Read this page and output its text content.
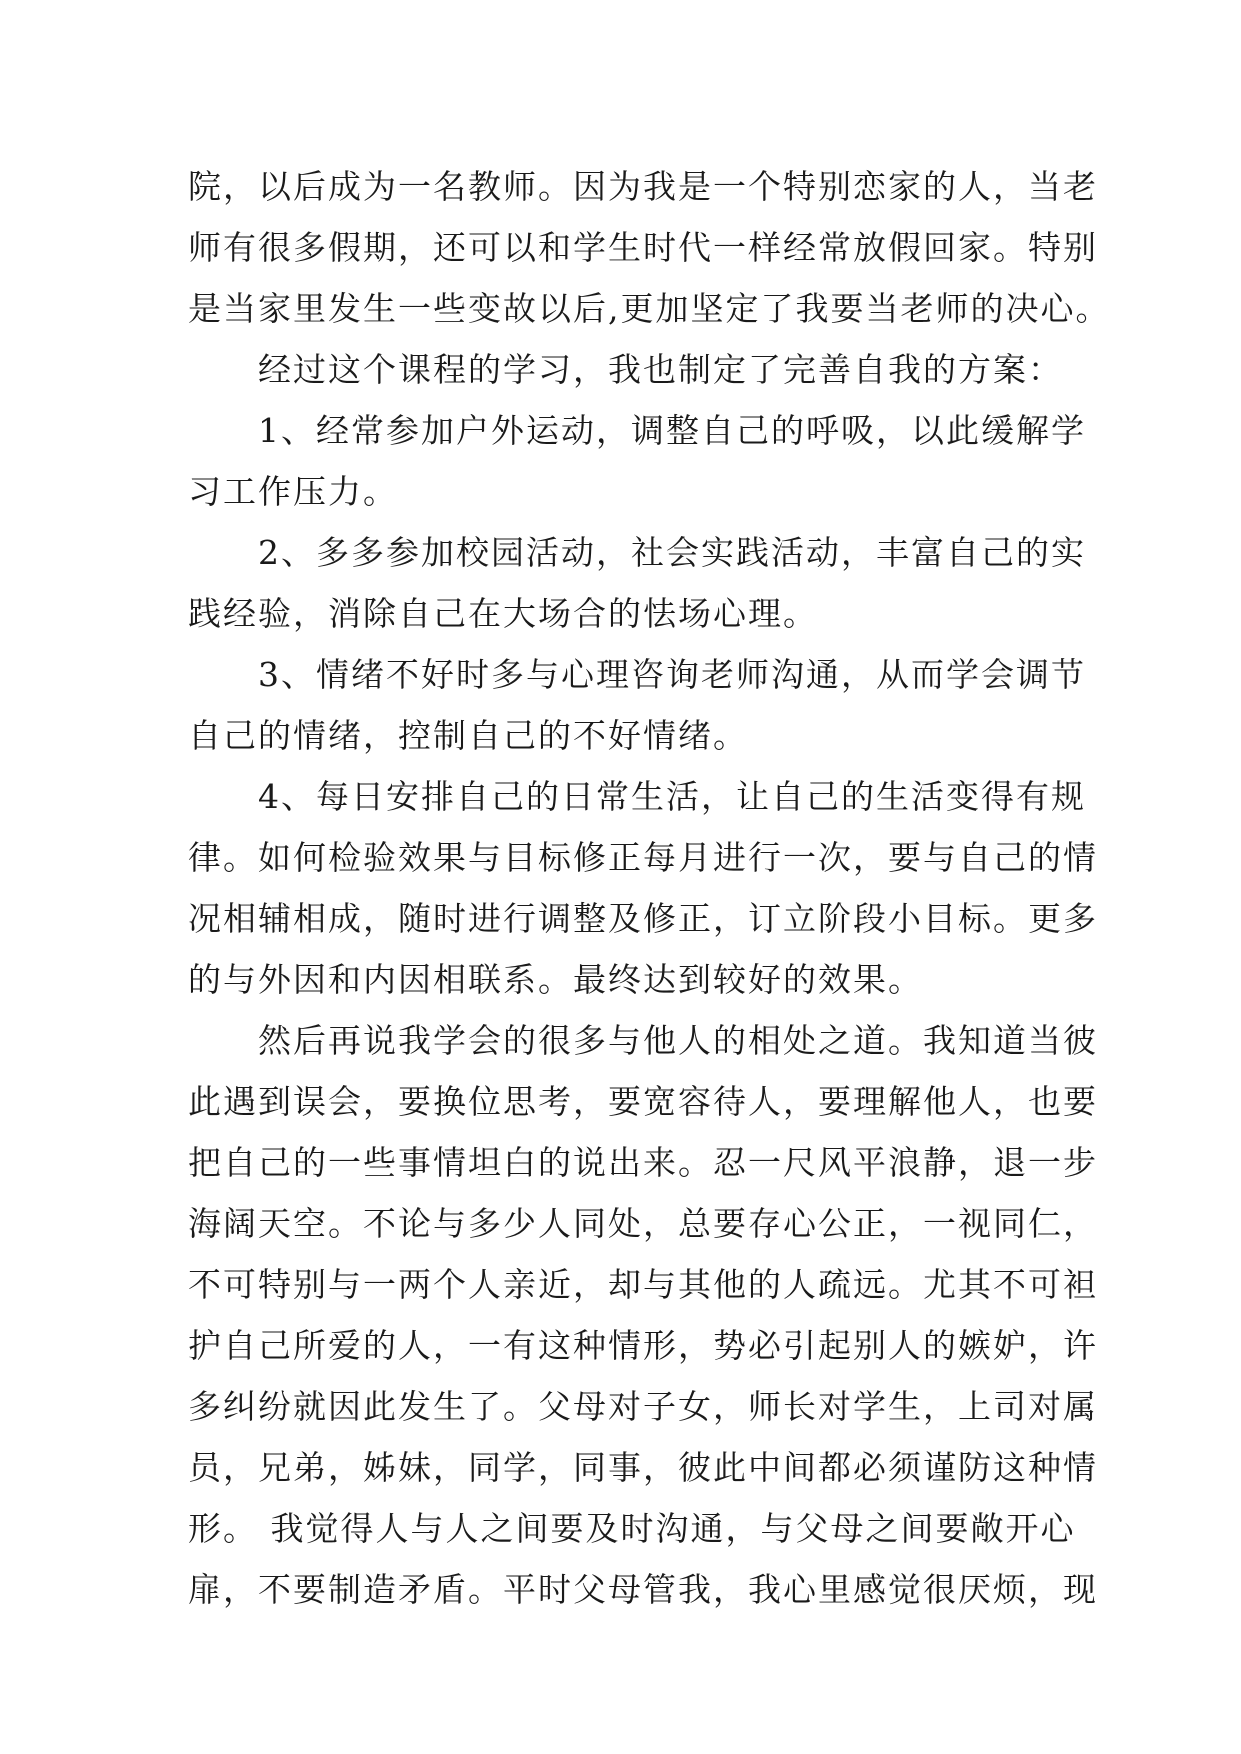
院，以后成为一名教师。因为我是一个特别恋家的人，当老
师有很多假期，还可以和学生时代一样经常放假回家。特别
是当家里发生一些变故以后,更加坚定了我要当老师的决心。
经过这个课程的学习，我也制定了完善自我的方案：
1、经常参加户外运动，调整自己的呼吸，以此缓解学
习工作压力。
2、多多参加校园活动，社会实践活动，丰富自己的实
践经验，消除自己在大场合的怯场心理。
3、情绪不好时多与心理咨询老师沟通，从而学会调节
自己的情绪，控制自己的不好情绪。
4、每日安排自己的日常生活，让自己的生活变得有规
律。如何检验效果与目标修正每月进行一次，要与自己的情
况相辅相成，随时进行调整及修正，订立阶段小目标。更多
的与外因和内因相联系。最终达到较好的效果。
然后再说我学会的很多与他人的相处之道。我知道当彼
此遇到误会，要换位思考，要宽容待人，要理解他人，也要
把自己的一些事情坦白的说出来。忍一尺风平浪静，退一步
海阔天空。不论与多少人同处，总要存心公正，一视同仁，
不可特别与一两个人亲近，却与其他的人疏远。尤其不可袒
护自己所爱的人，一有这种情形，势必引起别人的嫉妒，许
多纠纷就因此发生了。父母对子女，师长对学生，上司对属
员，兄弟，姊妹，同学，同事，彼此中间都必须谨防这种情
形。 我觉得人与人之间要及时沟通，与父母之间要敞开心
扉，不要制造矛盾。平时父母管我，我心里感觉很厌烦，现
